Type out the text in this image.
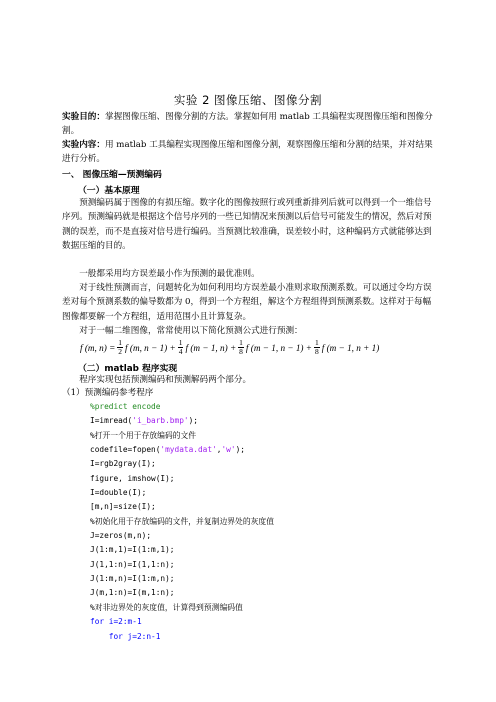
实验 2 图像压缩、图像分割
实验目的：掌握图像压缩、图像分割的方法。掌握如何用 matlab 工具编程实现图像压缩和图像分割。
实验内容：用 matlab 工具编程实现图像压缩和图像分割，观察图像压缩和分割的结果，并对结果进行分析。
一、 图像压缩—预测编码
（一）基本原理
预测编码属于图像的有损压缩。数字化的图像按照行或列重新排列后就可以得到一个一维信号序列。预测编码就是根据这个信号序列的一些已知情况来预测以后信号可能发生的情况，然后对预测的误差，而不是直接对信号进行编码。当预测比较准确，误差较小时，这种编码方式就能够达到数据压缩的目的。
一般都采用均方误差最小作为预测的最优准则。
对于线性预测而言，问题转化为如何利用均方误差最小准则求取预测系数。可以通过令均方误差对每个预测系数的偏导数都为 0，得到一个方程组，解这个方程组得到预测系数。这样对于每幅图像都要解一个方程组，适用范围小且计算复杂。
对于一幅二维图像，常常使用以下简化预测公式进行预测：
f (m, $n) = \frac{1}{2}$ f (m, $n - 1) + \frac{1}{4}$ f (m − 1, $n) + \frac{1}{8}$ f (m − 1, $n - 1) + \frac{1}{8}$ f (m − 1, n + 1)
（二）matlab 程序实现
程序实现包括预测编码和预测解码两个部分。
%predict encode
I=imread('i_barb.bmp');
%打开一个用于存放编码的文件
codefile=fopen('mydata.dat','w');
I=rgb2gray(I);
figure, imshow(I);
I=double(I);
[m,n]=size(I);
%初始化用于存放编码的文件，并复制边界处的灰度值
J=zeros(m,n);
J(1:m,1)=I(1:m,1);
J(1,1:n)=I(1,1:n);
J(1:m,n)=I(1:m,n);
J(m,1:n)=I(m,1:n);
%对非边界处的灰度值，计算得到预测编码值
for i=2:m-1
for j=2:n-1
（1）预测编码参考程序
